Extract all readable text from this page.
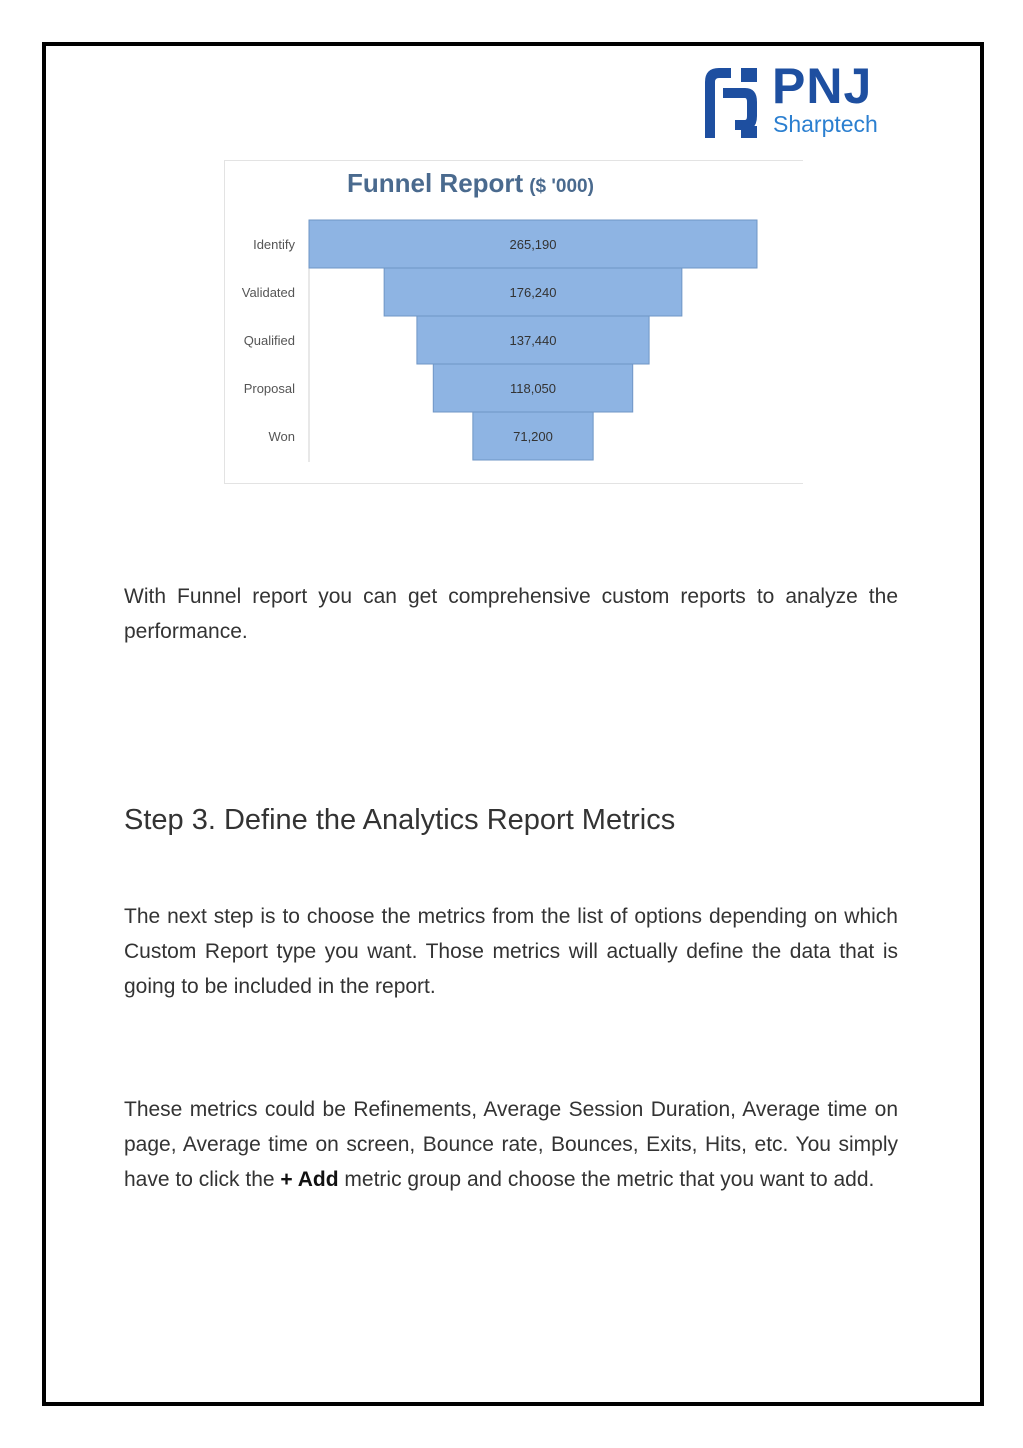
PNJ
Sharptech
Funnel Report ($ '000)
265,190
Identify
176,240
Validated
137,440
Qualified
118,050
Proposal
71,200
Won

With Funnel report you can get comprehensive custom reports to analyze the performance.

Step 3. Define the Analytics Report Metrics

The next step is to choose the metrics from the list of options depending on which Custom Report type you want. Those metrics will actually define the data that is going to be included in the report.

These metrics could be Refinements, Average Session Duration, Average time on page, Average time on screen, Bounce rate, Bounces, Exits, Hits, etc. You simply have to click the + Add metric group and choose the metric that you want to add.
